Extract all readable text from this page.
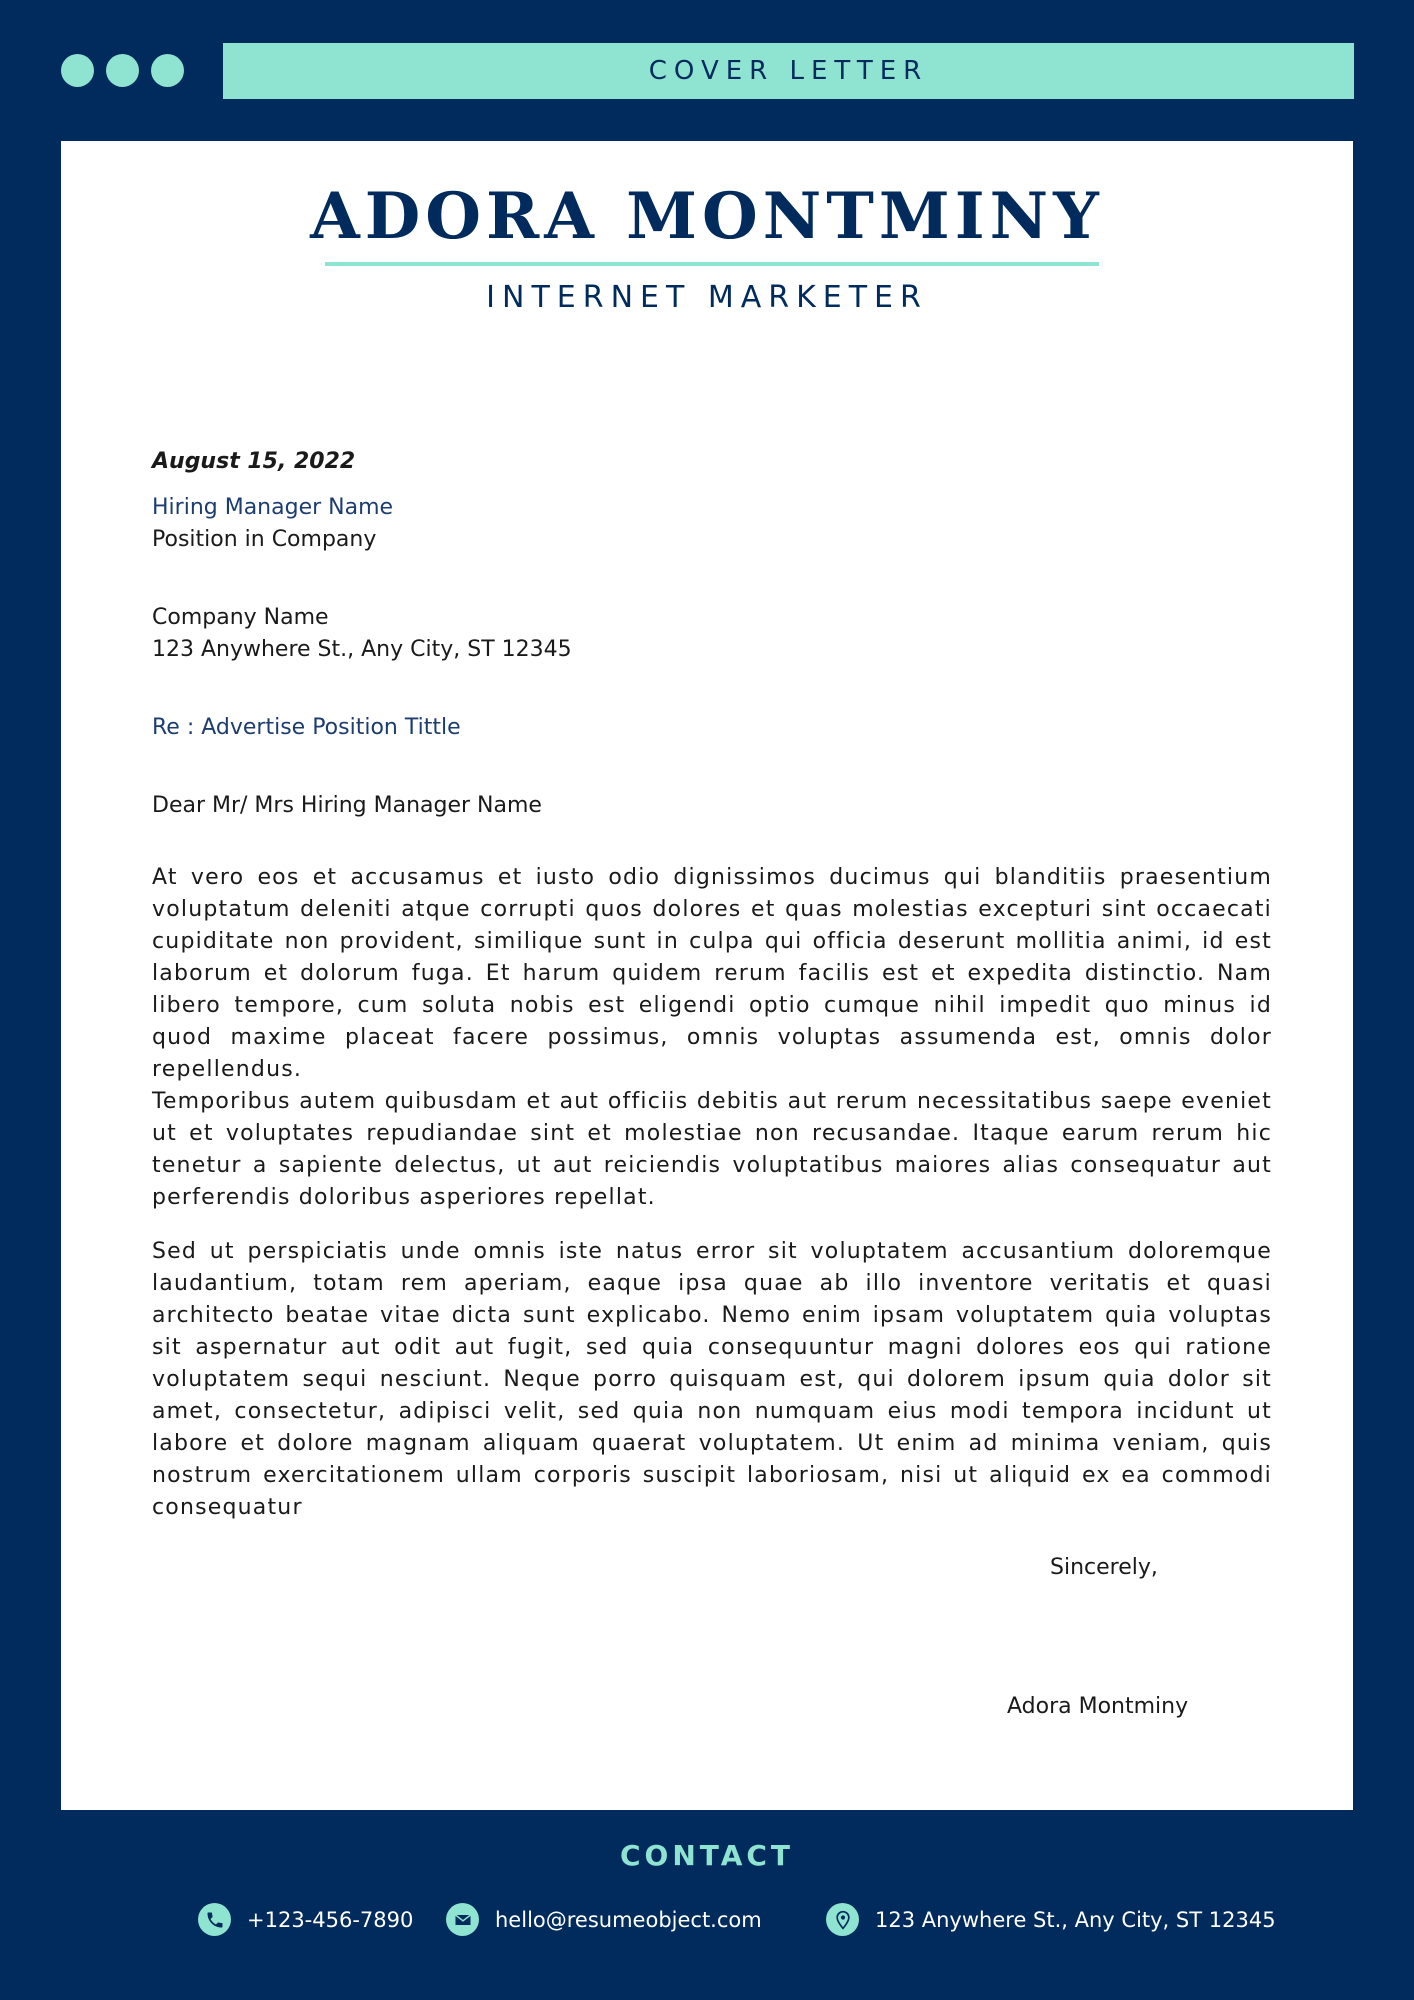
COVER LETTER
ADORA MONTMINY
INTERNET MARKETER
August 15, 2022
Hiring Manager Name
Position in Company
Company Name
123 Anywhere St., Any City, ST 12345
Re : Advertise Position Tittle
Dear Mr/ Mrs Hiring Manager Name

At vero eos et accusamus et iusto odio dignissimos ducimus qui blanditiis praesentium voluptatum deleniti atque corrupti quos dolores et quas molestias excepturi sint occaecati cupiditate non provident, similique sunt in culpa qui officia deserunt mollitia animi, id est laborum et dolorum fuga. Et harum quidem rerum facilis est et expedita distinctio. Nam libero tempore, cum soluta nobis est eligendi optio cumque nihil impedit quo minus id quod maxime placeat facere possimus, omnis voluptas assumenda est, omnis dolor repellendus.

Temporibus autem quibusdam et aut officiis debitis aut rerum necessitatibus saepe eveniet ut et voluptates repudiandae sint et molestiae non recusandae. Itaque earum rerum hic tenetur a sapiente delectus, ut aut reiciendis voluptatibus maiores alias consequatur aut perferendis doloribus asperiores repellat.

Sed ut perspiciatis unde omnis iste natus error sit voluptatem accusantium doloremque laudantium, totam rem aperiam, eaque ipsa quae ab illo inventore veritatis et quasi architecto beatae vitae dicta sunt explicabo. Nemo enim ipsam voluptatem quia voluptas sit aspernatur aut odit aut fugit, sed quia consequuntur magni dolores eos qui ratione voluptatem sequi nesciunt. Neque porro quisquam est, qui dolorem ipsum quia dolor sit amet, consectetur, adipisci velit, sed quia non numquam eius modi tempora incidunt ut labore et dolore magnam aliquam quaerat voluptatem. Ut enim ad minima veniam, quis nostrum exercitationem ullam corporis suscipit laboriosam, nisi ut aliquid ex ea commodi consequatur

Sincerely,
Adora Montminy
CONTACT
+123-456-7890	hello@resumeobject.com	123 Anywhere St., Any City, ST 12345
